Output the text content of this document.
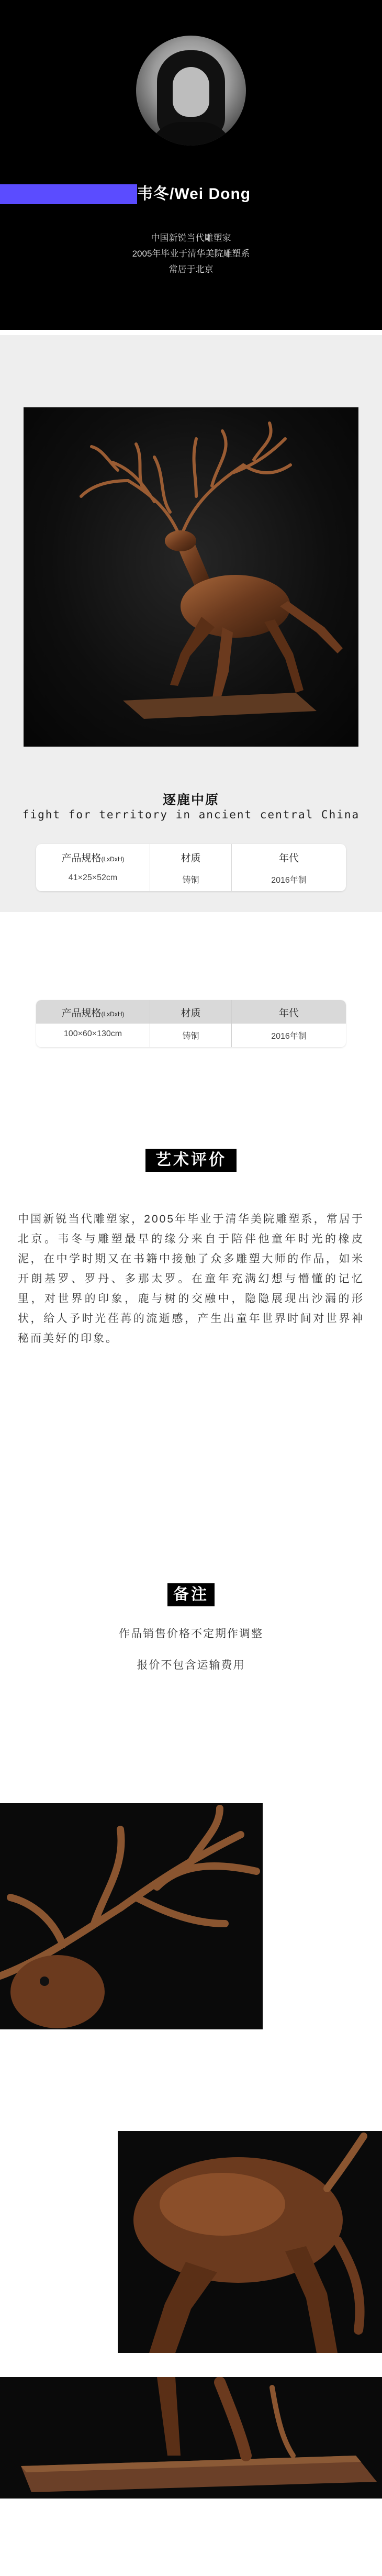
韦冬/Wei Dong
中国新锐当代雕塑家
2005年毕业于清华美院雕塑系
常居于北京
逐鹿中原
fight for territory in ancient central China
产品规格(LxDxH)
41×25×52cm
材质
铸铜
年代
2016年制
产品规格(LxDxH)
100×60×130cm
材质
铸铜
年代
2016年制
艺术评价
中国新锐当代雕塑家，2005年毕业于清华美院雕塑系，常居于北京。韦冬与雕塑最早的缘分来自于陪伴他童年时光的橡皮泥，在中学时期又在书籍中接触了众多雕塑大师的作品，如米开朗基罗、罗丹、多那太罗。在童年充满幻想与懵懂的记忆里，对世界的印象，鹿与树的交融中，隐隐展现出沙漏的形状，给人予时光荏苒的流逝感，产生出童年世界时间对世界神秘而美好的印象。
备注
作品销售价格不定期作调整
报价不包含运输费用
